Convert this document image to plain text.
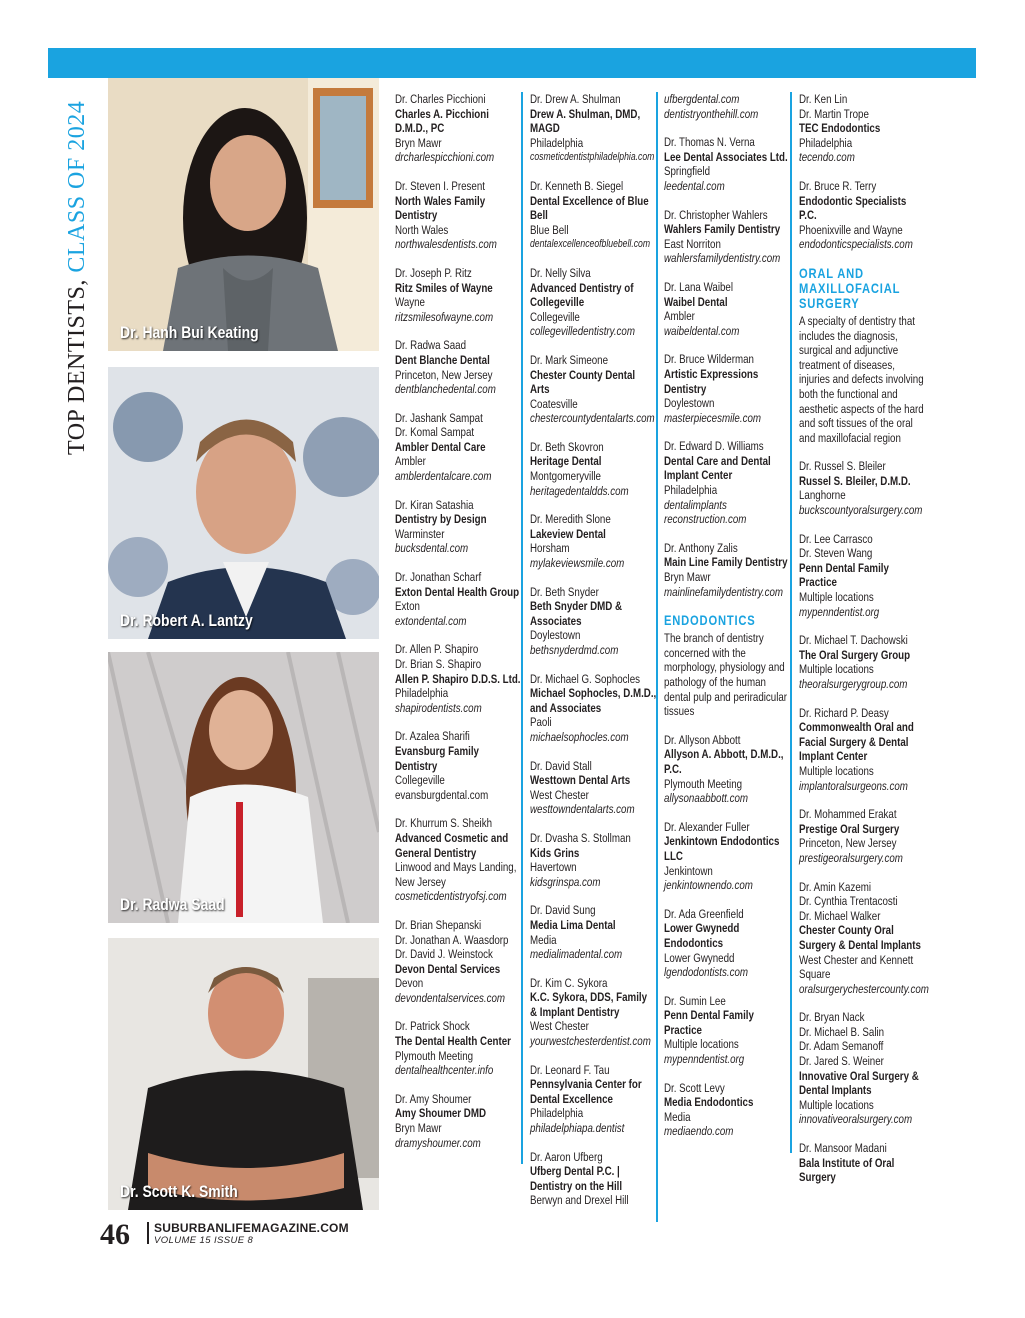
TOP DENTISTS, CLASS OF 2024
Dr. Hanh Bui Keating
Dr. Robert A. Lantzy
Dr. Radwa Saad
Dr. Scott K. Smith
Dr. Charles Picchioni
Charles A. Picchioni D.M.D., PC
Bryn Mawr
drcharlespicchioni.com
Dr. Steven I. Present
North Wales Family Dentistry
North Wales
northwalesdentists.com
Dr. Joseph P. Ritz
Ritz Smiles of Wayne
Wayne
ritzsmilesofwayne.com
Dr. Radwa Saad
Dent Blanche Dental
Princeton, New Jersey
dentblanchedental.com
Dr. Jashank Sampat
Dr. Komal Sampat
Ambler Dental Care
Ambler
amblerdentalcare.com
Dr. Kiran Satashia
Dentistry by Design
Warminster
bucksdental.com
Dr. Jonathan Scharf
Exton Dental Health Group
Exton
extondental.com
Dr. Allen P. Shapiro
Dr. Brian S. Shapiro
Allen P. Shapiro D.D.S. Ltd.
Philadelphia
shapirodentists.com
Dr. Azalea Sharifi
Evansburg Family Dentistry
Collegeville
evansburgdental.com
Dr. Khurrum S. Sheikh
Advanced Cosmetic and General Dentistry
Linwood and Mays Landing, New Jersey
cosmeticdentistryofsj.com
Dr. Brian Shepanski
Dr. Jonathan A. Waasdorp
Dr. David J. Weinstock
Devon Dental Services
Devon
devondentalservices.com
Dr. Patrick Shock
The Dental Health Center
Plymouth Meeting
dentalhealthcenter.info
Dr. Amy Shoumer
Amy Shoumer DMD
Bryn Mawr
dramyshoumer.com
Dr. Drew A. Shulman
Drew A. Shulman, DMD, MAGD
Philadelphia
cosmeticdentistphiladelphia.com
Dr. Kenneth B. Siegel
Dental Excellence of Blue Bell
Blue Bell
dentalexcellenceofbluebell.com
Dr. Nelly Silva
Advanced Dentistry of Collegeville
Collegeville
collegevilledentistry.com
Dr. Mark Simeone
Chester County Dental Arts
Coatesville
chestercountydentalarts.com
Dr. Beth Skovron
Heritage Dental
Montgomeryville
heritagedentaldds.com
Dr. Meredith Slone
Lakeview Dental
Horsham
mylakeviewsmile.com
Dr. Beth Snyder
Beth Snyder DMD & Associates
Doylestown
bethsnyderdmd.com
Dr. Michael G. Sophocles
Michael Sophocles, D.M.D., and Associates
Paoli
michaelsophocles.com
Dr. David Stall
Westtown Dental Arts
West Chester
westtowndentalarts.com
Dr. Dvasha S. Stollman
Kids Grins
Havertown
kidsgrinspa.com
Dr. David Sung
Media Lima Dental
Media
medialimadental.com
Dr. Kim C. Sykora
K.C. Sykora, DDS, Family & Implant Dentistry
West Chester
yourwestchesterdentist.com
Dr. Leonard F. Tau
Pennsylvania Center for Dental Excellence
Philadelphia
philadelphiapa.dentist
Dr. Aaron Ufberg
Ufberg Dental P.C. | Dentistry on the Hill
Berwyn and Drexel Hill
ufbergdental.com
dentistryonthehill.com
Dr. Thomas N. Verna
Lee Dental Associates Ltd.
Springfield
leedental.com
Dr. Christopher Wahlers
Wahlers Family Dentistry
East Norriton
wahlersfamilydentistry.com
Dr. Lana Waibel
Waibel Dental
Ambler
waibeldental.com
Dr. Bruce Wilderman
Artistic Expressions Dentistry
Doylestown
masterpiecesmile.com
Dr. Edward D. Williams
Dental Care and Dental Implant Center
Philadelphia
dentalimplants reconstruction.com
Dr. Anthony Zalis
Main Line Family Dentistry
Bryn Mawr
mainlinefamilydentistry.com
ENDODONTICS
The branch of dentistry concerned with the morphology, physiology and pathology of the human dental pulp and periradicular tissues
Dr. Allyson Abbott
Allyson A. Abbott, D.M.D., P.C.
Plymouth Meeting
allysonaabbott.com
Dr. Alexander Fuller
Jenkintown Endodontics LLC
Jenkintown
jenkintownendo.com
Dr. Ada Greenfield
Lower Gwynedd Endodontics
Lower Gwynedd
lgendodontists.com
Dr. Sumin Lee
Penn Dental Family Practice
Multiple locations
mypenndentist.org
Dr. Scott Levy
Media Endodontics
Media
mediaendo.com
Dr. Ken Lin
Dr. Martin Trope
TEC Endodontics
Philadelphia
tecendo.com
Dr. Bruce R. Terry
Endodontic Specialists P.C.
Phoenixville and Wayne
endodonticspecialists.com
ORAL AND MAXILLOFACIAL SURGERY
A specialty of dentistry that includes the diagnosis, surgical and adjunctive treatment of diseases, injuries and defects involving both the functional and aesthetic aspects of the hard and soft tissues of the oral and maxillofacial region
Dr. Russel S. Bleiler
Russel S. Bleiler, D.M.D.
Langhorne
buckscountyoralsurgery.com
Dr. Lee Carrasco
Dr. Steven Wang
Penn Dental Family Practice
Multiple locations
mypenndentist.org
Dr. Michael T. Dachowski
The Oral Surgery Group
Multiple locations
theoralsurgerygroup.com
Dr. Richard P. Deasy
Commonwealth Oral and Facial Surgery & Dental Implant Center
Multiple locations
implantoralsurgeons.com
Dr. Mohammed Erakat
Prestige Oral Surgery
Princeton, New Jersey
prestigeoralsurgery.com
Dr. Amin Kazemi
Dr. Cynthia Trentacosti
Dr. Michael Walker
Chester County Oral Surgery & Dental Implants
West Chester and Kennett Square
oralsurgerychestercounty.com
Dr. Bryan Nack
Dr. Michael B. Salin
Dr. Adam Semanoff
Dr. Jared S. Weiner
Innovative Oral Surgery & Dental Implants
Multiple locations
innovativeoralsurgery.com
Dr. Mansoor Madani
Bala Institute of Oral Surgery
46 SUBURBANLIFEMAGAZINE.COM
VOLUME 15 ISSUE 8
